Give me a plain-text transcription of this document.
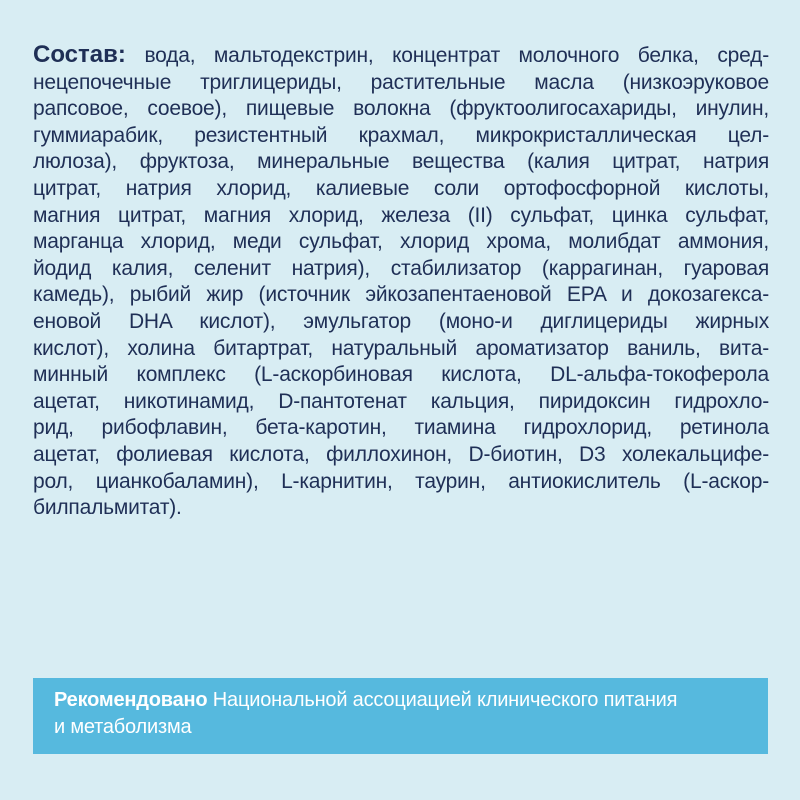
Состав: вода, мальтодекстрин, концентрат молочного белка, сред-
нецепочечные триглицериды, растительные масла (низкоэруковое
рапсовое, соевое), пищевые волокна (фруктоолигосахариды, инулин,
гуммиарабик, резистентный крахмал, микрокристаллическая цел-
люлоза), фруктоза, минеральные вещества (калия цитрат, натрия
цитрат, натрия хлорид, калиевые соли ортофосфорной кислоты,
магния цитрат, магния хлорид, железа (II) сульфат, цинка сульфат,
марганца хлорид, меди сульфат, хлорид хрома, молибдат аммония,
йодид калия, селенит натрия), стабилизатор (каррагинан, гуаровая
камедь), рыбий жир (источник эйкозапентаеновой EPA и докозагекса-
еновой DHA кислот), эмульгатор (моно-и диглицериды жирных
кислот), холина битартрат, натуральный ароматизатор ваниль, вита-
минный комплекс (L-аскорбиновая кислота, DL-альфа-токоферола
ацетат, никотинамид, D-пантотенат кальция, пиридоксин гидрохло-
рид, рибофлавин, бета-каротин, тиамина гидрохлорид, ретинола
ацетат, фолиевая кислота, филлохинон, D-биотин, D3 холекальцифе-
рол, цианкобаламин), L-карнитин, таурин, антиокислитель (L-аскор-
билпальмитат).
Рекомендовано Национальной ассоциацией клинического питания
и метаболизма
